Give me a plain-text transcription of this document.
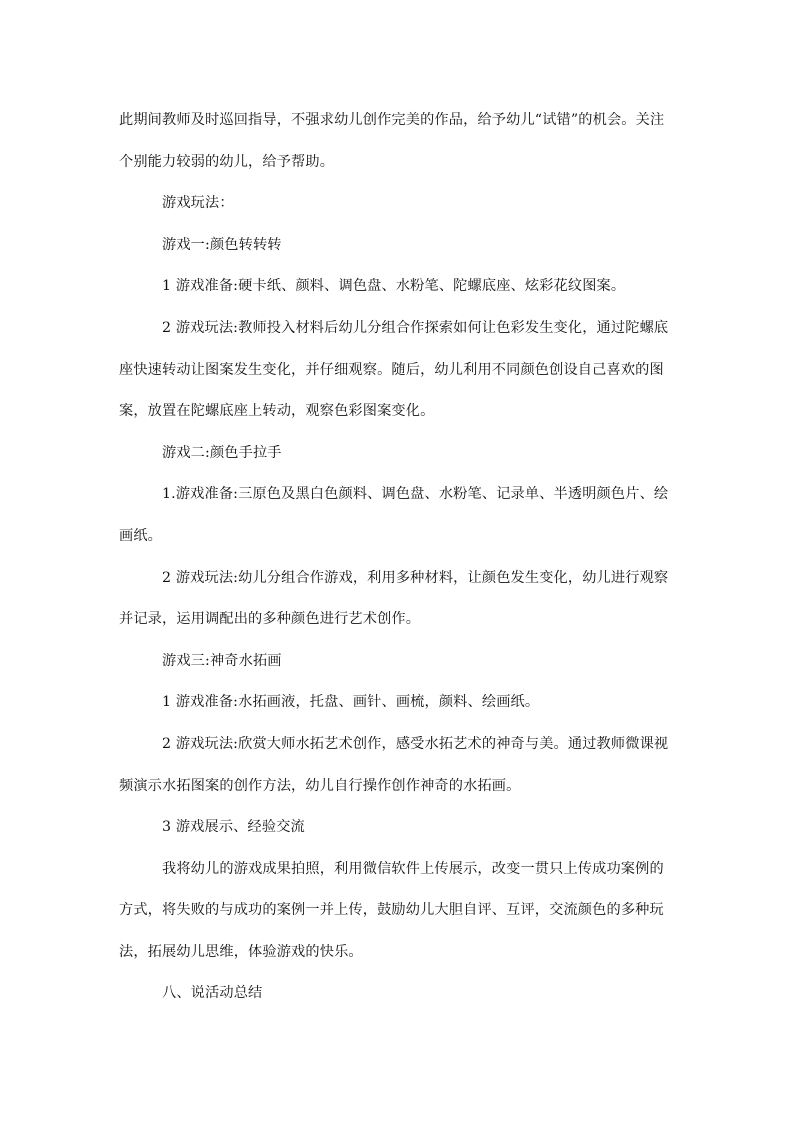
此期间教师及时巡回指导，不强求幼儿创作完美的作品，给予幼儿“试错”的机会。关注
个别能力较弱的幼儿，给予帮助。
游戏玩法：
游戏一:颜色转转转
1 游戏准备:硬卡纸、颜料、调色盘、水粉笔、陀螺底座、炫彩花纹图案。
2 游戏玩法:教师投入材料后幼儿分组合作探索如何让色彩发生变化，通过陀螺底
座快速转动让图案发生变化，并仔细观察。随后，幼儿利用不同颜色创设自己喜欢的图
案，放置在陀螺底座上转动，观察色彩图案变化。
游戏二:颜色手拉手
1.游戏准备:三原色及黑白色颜料、调色盘、水粉笔、记录单、半透明颜色片、绘
画纸。
2 游戏玩法:幼儿分组合作游戏，利用多种材料，让颜色发生变化，幼儿进行观察
并记录，运用调配出的多种颜色进行艺术创作。
游戏三:神奇水拓画
1 游戏准备:水拓画液，托盘、画针、画梳，颜料、绘画纸。
2 游戏玩法:欣赏大师水拓艺术创作，感受水拓艺术的神奇与美。通过教师微课视
频演示水拓图案的创作方法，幼儿自行操作创作神奇的水拓画。
3 游戏展示、经验交流
我将幼儿的游戏成果拍照，利用微信软件上传展示，改变一贯只上传成功案例的
方式，将失败的与成功的案例一并上传，鼓励幼儿大胆自评、互评，交流颜色的多种玩
法，拓展幼儿思维，体验游戏的快乐。
八、说活动总结
